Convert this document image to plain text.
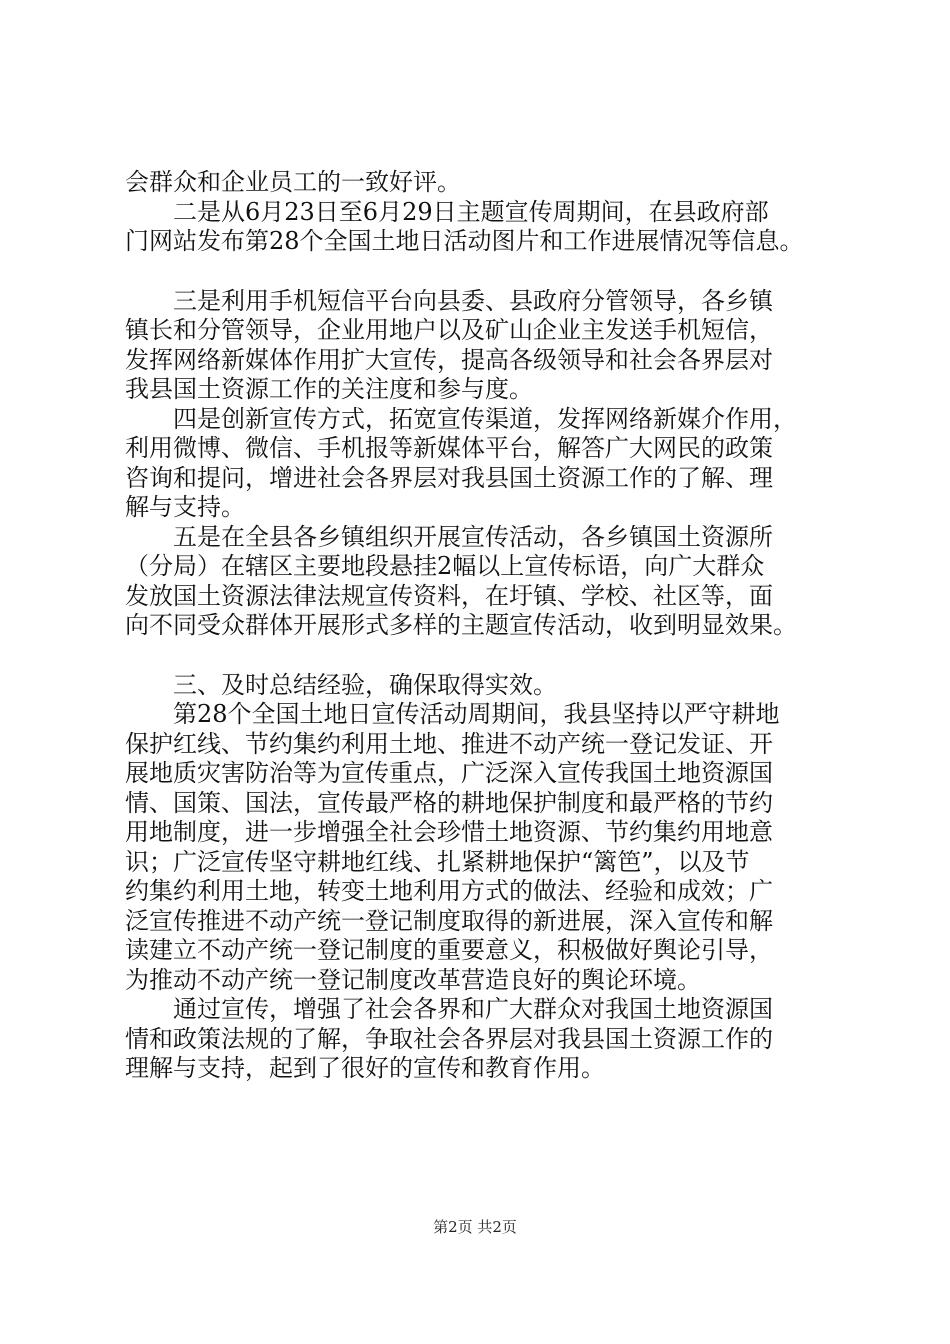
会群众和企业员工的一致好评。

二是从6月23日至6月29日主题宣传周期间，在县政府部
门网站发布第28个全国土地日活动图片和工作进展情况等信息。

三是利用手机短信平台向县委、县政府分管领导，各乡镇
镇长和分管领导，企业用地户以及矿山企业主发送手机短信，
发挥网络新媒体作用扩大宣传，提高各级领导和社会各界层对
我县国土资源工作的关注度和参与度。

四是创新宣传方式，拓宽宣传渠道，发挥网络新媒介作用，
利用微博、微信、手机报等新媒体平台，解答广大网民的政策
咨询和提问，增进社会各界层对我县国土资源工作的了解、理
解与支持。

五是在全县各乡镇组织开展宣传活动，各乡镇国土资源所
（分局）在辖区主要地段悬挂2幅以上宣传标语，向广大群众
发放国土资源法律法规宣传资料，在圩镇、学校、社区等，面
向不同受众群体开展形式多样的主题宣传活动，收到明显效果。

三、及时总结经验，确保取得实效。

第28个全国土地日宣传活动周期间，我县坚持以严守耕地
保护红线、节约集约利用土地、推进不动产统一登记发证、开
展地质灾害防治等为宣传重点，广泛深入宣传我国土地资源国
情、国策、国法，宣传最严格的耕地保护制度和最严格的节约
用地制度，进一步增强全社会珍惜土地资源、节约集约用地意
识；广泛宣传坚守耕地红线、扎紧耕地保护“篱笆”，以及节
约集约利用土地，转变土地利用方式的做法、经验和成效；广
泛宣传推进不动产统一登记制度取得的新进展，深入宣传和解
读建立不动产统一登记制度的重要意义，积极做好舆论引导，
为推动不动产统一登记制度改革营造良好的舆论环境。

通过宣传，增强了社会各界和广大群众对我国土地资源国
情和政策法规的了解，争取社会各界层对我县国土资源工作的
理解与支持，起到了很好的宣传和教育作用。

第2页 共2页
